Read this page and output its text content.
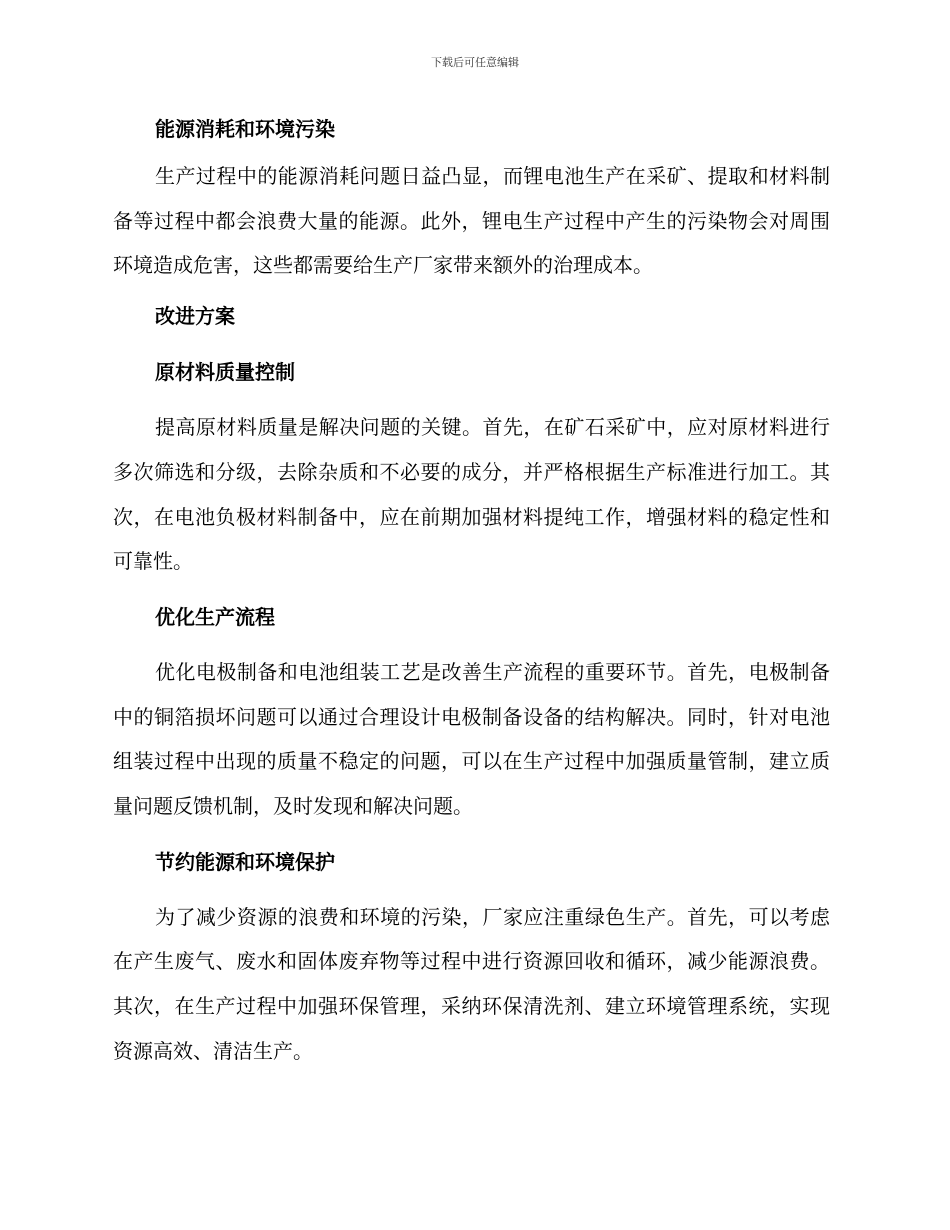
下载后可任意编辑
能源消耗和环境污染

生产过程中的能源消耗问题日益凸显，而锂电池生产在采矿、提取和材料制备等过程中都会浪费大量的能源。此外，锂电生产过程中产生的污染物会对周围环境造成危害，这些都需要给生产厂家带来额外的治理成本。

改进方案
原材料质量控制

提高原材料质量是解决问题的关键。首先，在矿石采矿中，应对原材料进行多次筛选和分级，去除杂质和不必要的成分，并严格根据生产标准进行加工。其次，在电池负极材料制备中，应在前期加强材料提纯工作，增强材料的稳定性和可靠性。

优化生产流程

优化电极制备和电池组装工艺是改善生产流程的重要环节。首先，电极制备中的铜箔损坏问题可以通过合理设计电极制备设备的结构解决。同时，针对电池组装过程中出现的质量不稳定的问题，可以在生产过程中加强质量管制，建立质量问题反馈机制，及时发现和解决问题。

节约能源和环境保护

为了减少资源的浪费和环境的污染，厂家应注重绿色生产。首先，可以考虑在产生废气、废水和固体废弃物等过程中进行资源回收和循环，减少能源浪费。其次，在生产过程中加强环保管理，采纳环保清洗剂、建立环境管理系统，实现资源高效、清洁生产。
